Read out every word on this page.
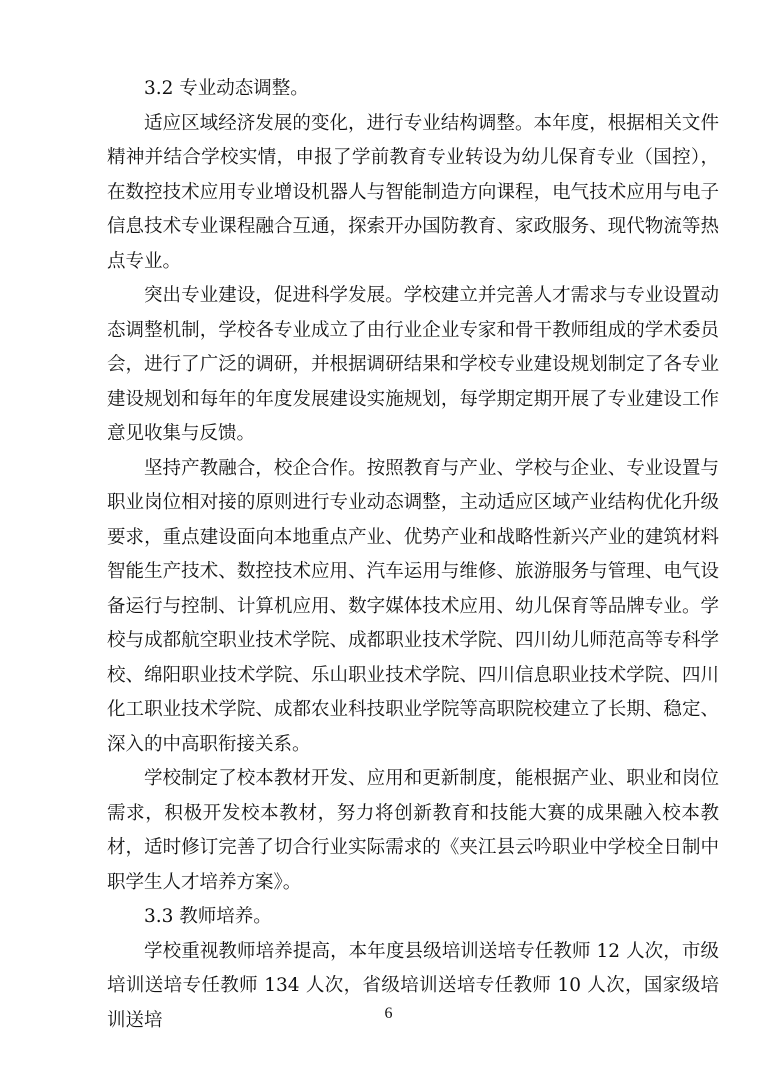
3.2 专业动态调整。

适应区域经济发展的变化，进行专业结构调整。本年度，根据相关文件精神并结合学校实情，申报了学前教育专业转设为幼儿保育专业（国控），在数控技术应用专业增设机器人与智能制造方向课程，电气技术应用与电子信息技术专业课程融合互通，探索开办国防教育、家政服务、现代物流等热点专业。

突出专业建设，促进科学发展。学校建立并完善人才需求与专业设置动态调整机制，学校各专业成立了由行业企业专家和骨干教师组成的学术委员会，进行了广泛的调研，并根据调研结果和学校专业建设规划制定了各专业建设规划和每年的年度发展建设实施规划，每学期定期开展了专业建设工作意见收集与反馈。

坚持产教融合，校企合作。按照教育与产业、学校与企业、专业设置与职业岗位相对接的原则进行专业动态调整，主动适应区域产业结构优化升级要求，重点建设面向本地重点产业、优势产业和战略性新兴产业的建筑材料智能生产技术、数控技术应用、汽车运用与维修、旅游服务与管理、电气设备运行与控制、计算机应用、数字媒体技术应用、幼儿保育等品牌专业。学校与成都航空职业技术学院、成都职业技术学院、四川幼儿师范高等专科学校、绵阳职业技术学院、乐山职业技术学院、四川信息职业技术学院、四川化工职业技术学院、成都农业科技职业学院等高职院校建立了长期、稳定、深入的中高职衔接关系。

学校制定了校本教材开发、应用和更新制度，能根据产业、职业和岗位需求，积极开发校本教材，努力将创新教育和技能大赛的成果融入校本教材，适时修订完善了切合行业实际需求的《夹江县云吟职业中学校全日制中职学生人才培养方案》。

3.3 教师培养。

学校重视教师培养提高，本年度县级培训送培专任教师 12 人次，市级培训送培专任教师 134 人次，省级培训送培专任教师 10 人次，国家级培训送培	6
